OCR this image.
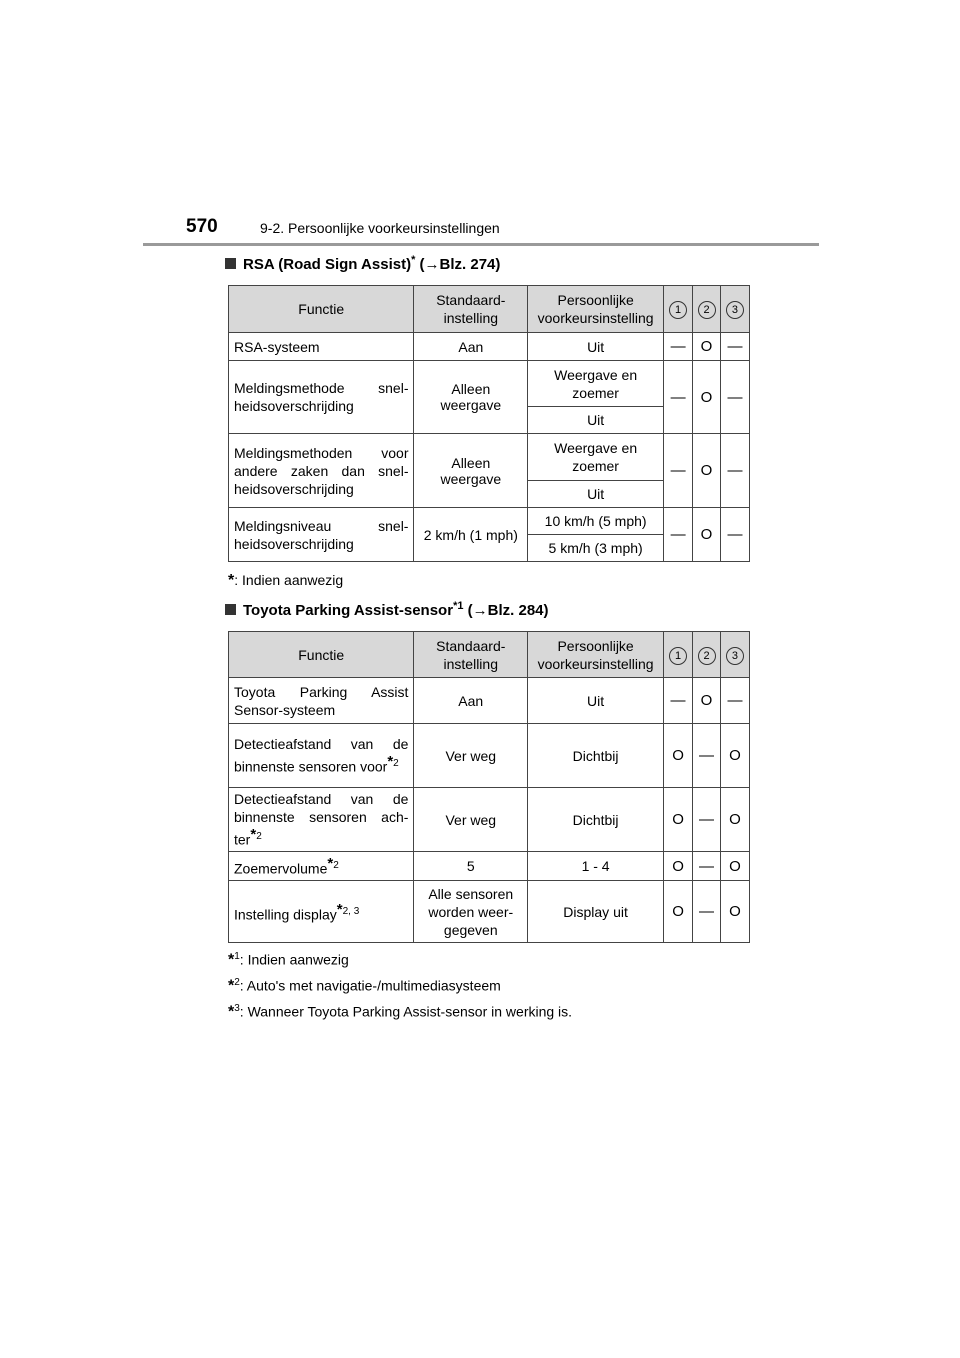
570	9-2. Persoonlijke voorkeursinstellingen
RSA (Road Sign Assist)* (→Blz. 274)
Functie	Standaard-instelling	Persoonlijke voorkeursinstelling	1	2	3
RSA-systeem	Aan	Uit	—	O	—
Meldingsmethode snel-heidsoverschrijding	Alleen weergave	Weergave en zoemer	—	O	—
		Uit			
Meldingsmethoden voor andere zaken dan snel-heidsoverschrijding	Alleen weergave	Weergave en zoemer	—	O	—
		Uit			
Meldingsniveau snel-heidsoverschrijding	2 km/h (1 mph)	10 km/h (5 mph)	—	O	—
		5 km/h (3 mph)			
*: Indien aanwezig
Toyota Parking Assist-sensor$^{*1}$ (→Blz. 284)
Functie	Standaard-instelling	Persoonlijke voorkeursinstelling	1	2	3
Toyota Parking Assist Sensor-systeem	Aan	Uit	—	O	—
Detectieafstand van de binnenste sensoren voor$^{*2}$	Ver weg	Dichtbij	O	—	O
Detectieafstand van de binnenste sensoren ach-ter$^{*2}$	Ver weg	Dichtbij	O	—	O
Zoemervolume$^{*2}$	5	1 - 4	O	—	O
Instelling display$^{*2, 3}$	Alle sensoren worden weer-gegeven	Display uit	O	—	O
*$^1$: Indien aanwezig
*$^2$: Auto's met navigatie-/multimediasysteem
*$^3$: Wanneer Toyota Parking Assist-sensor in werking is.
